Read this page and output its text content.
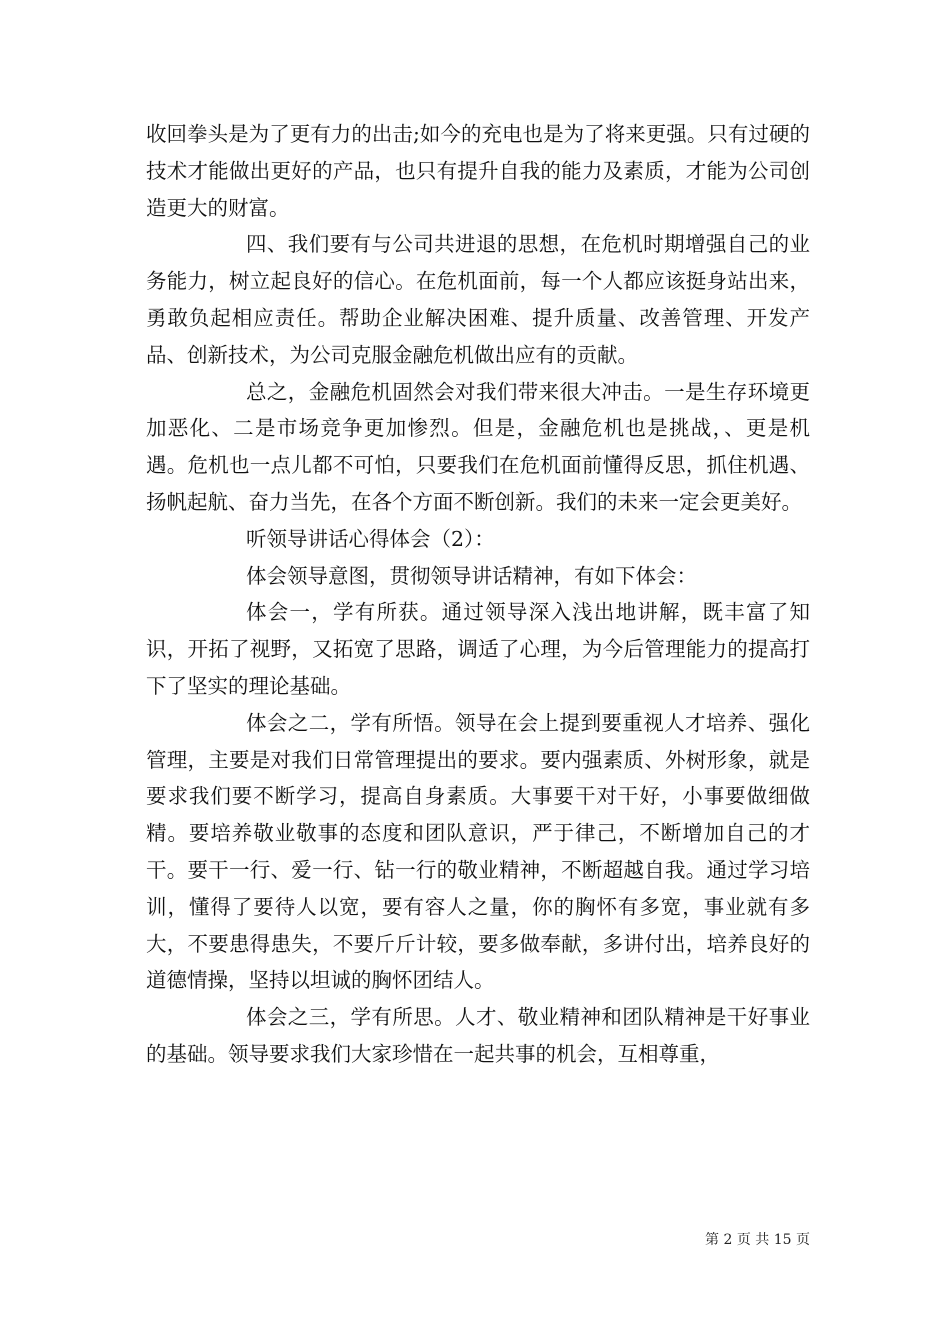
收回拳头是为了更有力的出击;如今的充电也是为了将来更强。只有过硬的技术才能做出更好的产品，也只有提升自我的能力及素质，才能为公司创造更大的财富。

四、我们要有与公司共进退的思想，在危机时期增强自己的业务能力，树立起良好的信心。在危机面前，每一个人都应该挺身站出来，勇敢负起相应责任。帮助企业解决困难、提升质量、改善管理、开发产品、创新技术，为公司克服金融危机做出应有的贡献。

总之，金融危机固然会对我们带来很大冲击。一是生存环境更加恶化、二是市场竞争更加惨烈。但是，金融危机也是挑战，、更是机遇。危机也一点儿都不可怕，只要我们在危机面前懂得反思，抓住机遇、扬帆起航、奋力当先，在各个方面不断创新。我们的未来一定会更美好。

听领导讲话心得体会（2）：

体会领导意图，贯彻领导讲话精神，有如下体会：

体会一，学有所获。通过领导深入浅出地讲解，既丰富了知识，开拓了视野，又拓宽了思路，调适了心理，为今后管理能力的提高打下了坚实的理论基础。

体会之二，学有所悟。领导在会上提到要重视人才培养、强化管理，主要是对我们日常管理提出的要求。要内强素质、外树形象，就是要求我们要不断学习，提高自身素质。大事要干对干好，小事要做细做精。要培养敬业敬事的态度和团队意识，严于律己，不断增加自己的才干。要干一行、爱一行、钻一行的敬业精神，不断超越自我。通过学习培训，懂得了要待人以宽，要有容人之量，你的胸怀有多宽，事业就有多大，不要患得患失，不要斤斤计较，要多做奉献，多讲付出，培养良好的道德情操，坚持以坦诚的胸怀团结人。

体会之三，学有所思。人才、敬业精神和团队精神是干好事业的基础。领导要求我们大家珍惜在一起共事的机会，互相尊重，

第 2 页 共 15 页
